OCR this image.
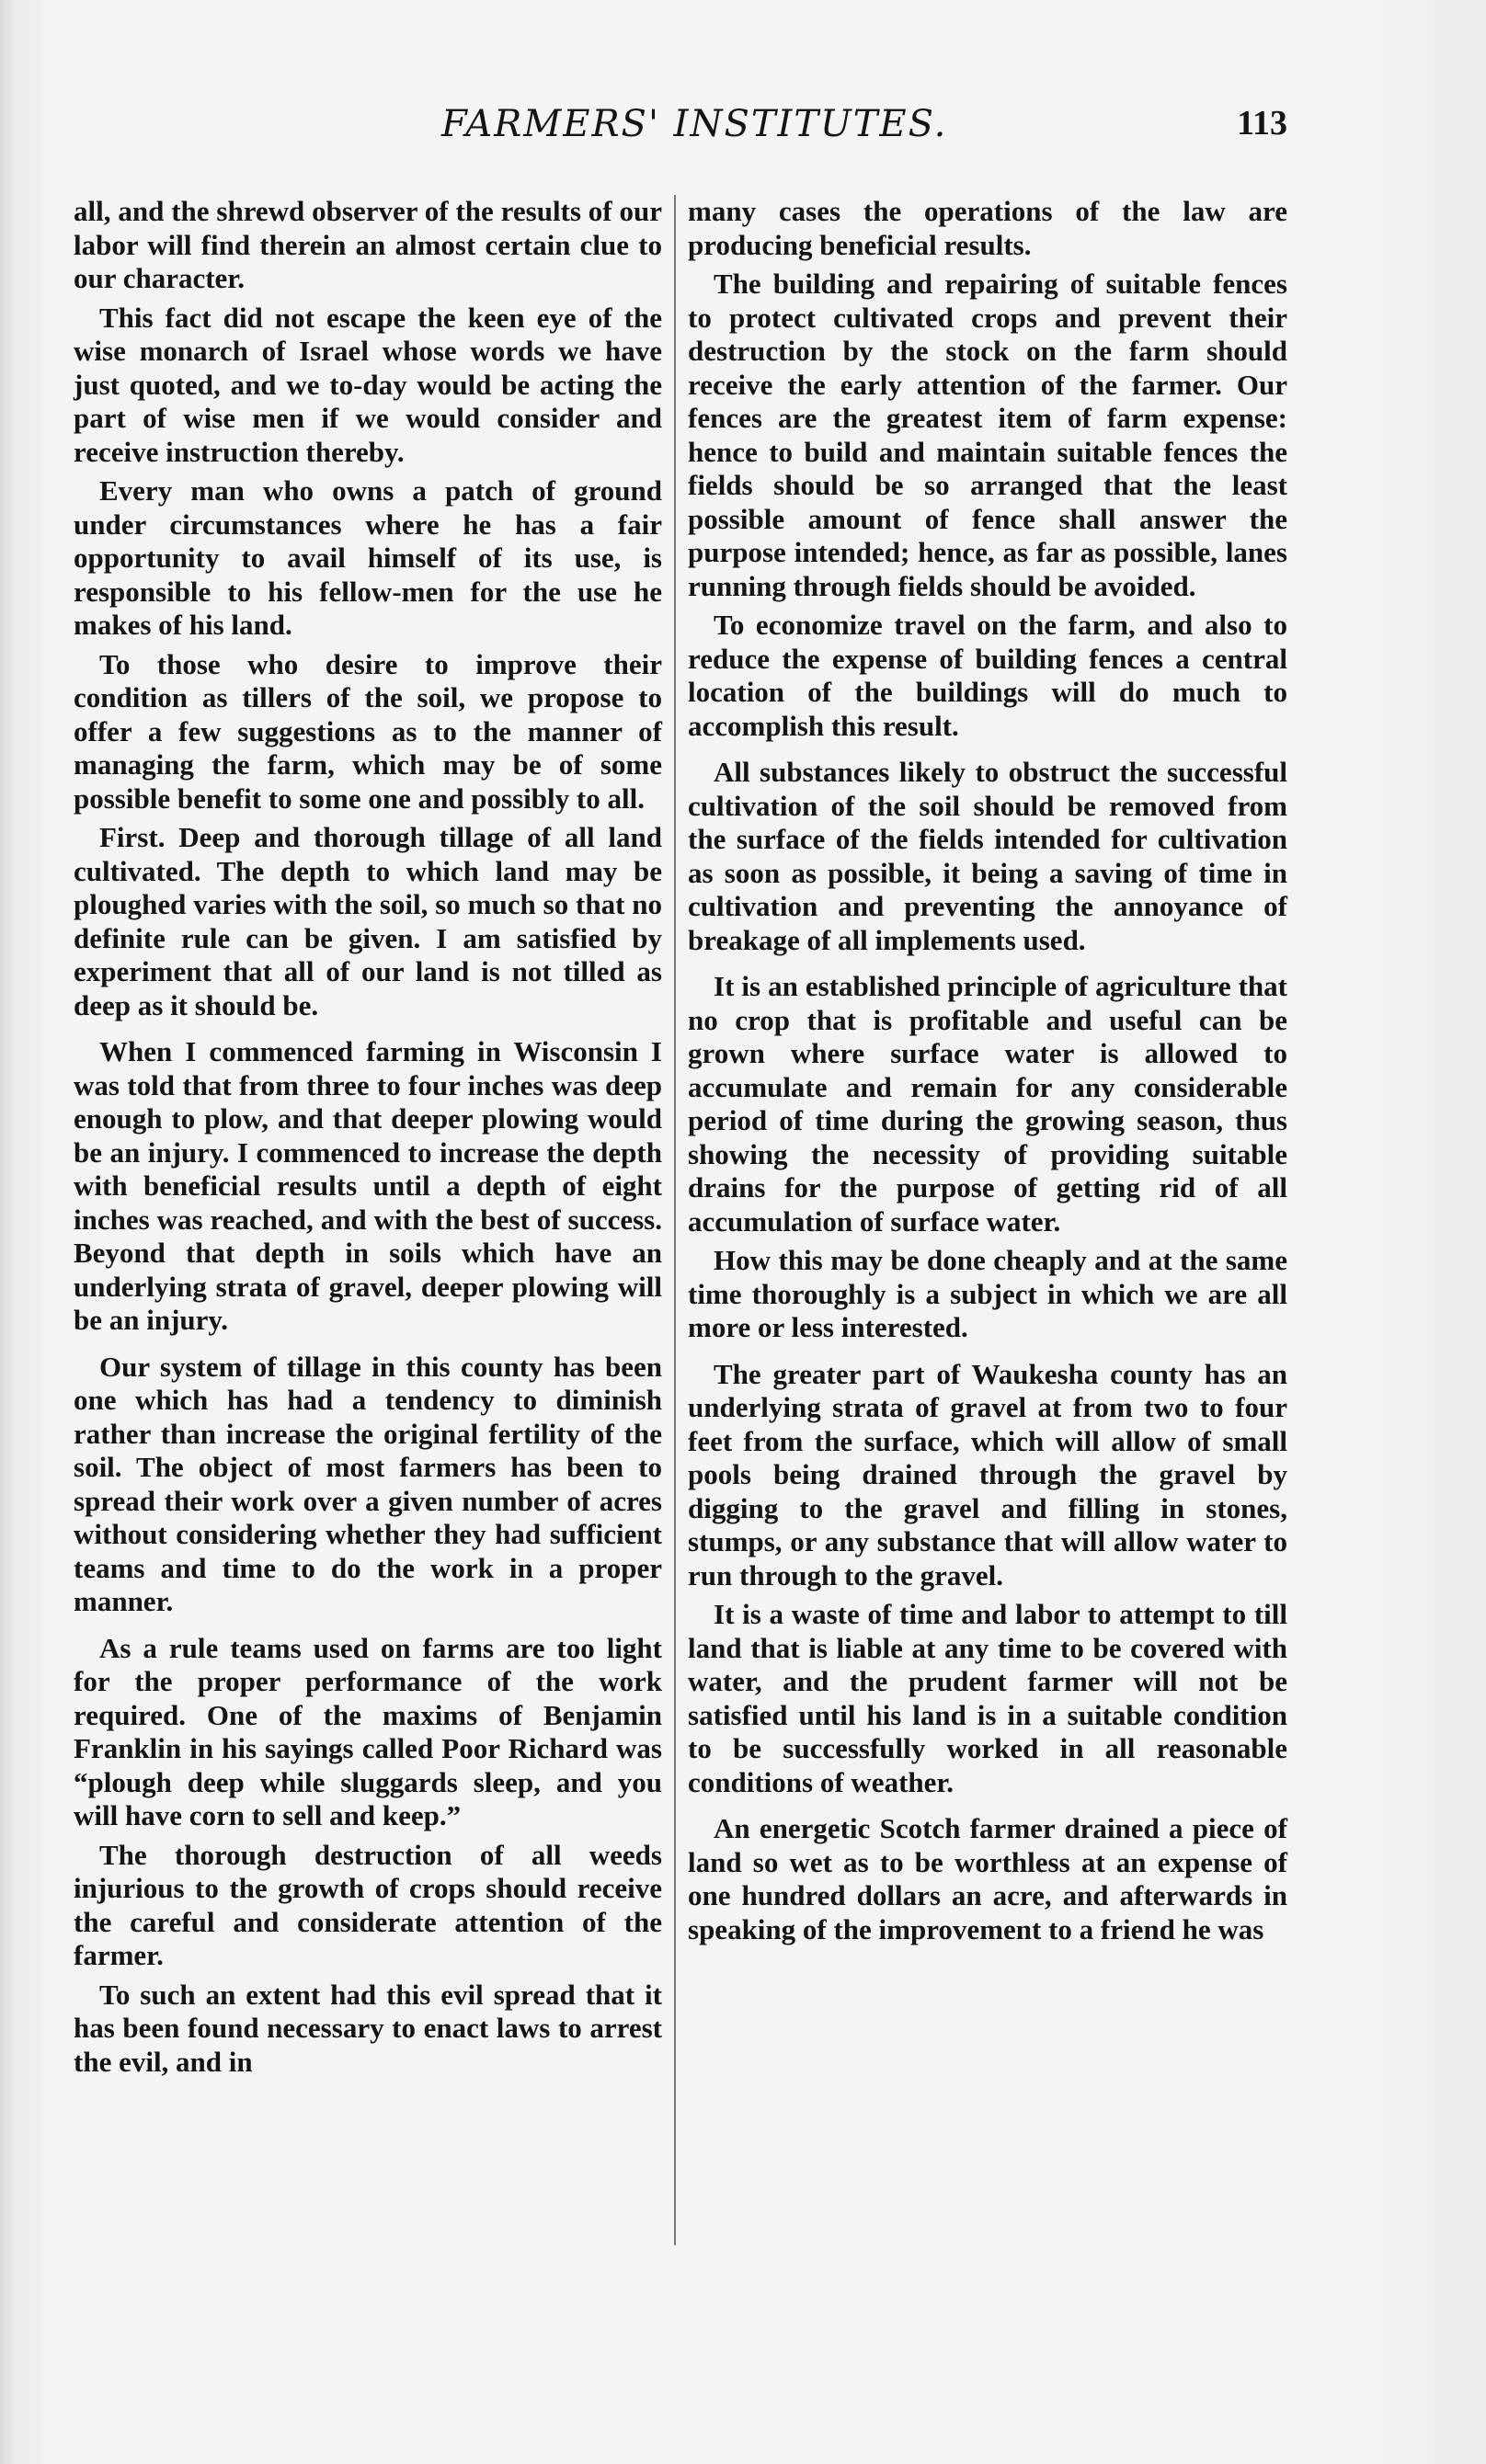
FARMERS' INSTITUTES.	113

all, and the shrewd observer of the results of our labor will find therein an almost certain clue to our character.

This fact did not escape the keen eye of the wise monarch of Israel whose words we have just quoted, and we to-day would be acting the part of wise men if we would consider and receive instruction thereby.

Every man who owns a patch of ground under circumstances where he has a fair opportunity to avail himself of its use, is responsible to his fellow-men for the use he makes of his land.

To those who desire to improve their condition as tillers of the soil, we propose to offer a few suggestions as to the manner of managing the farm, which may be of some possible benefit to some one and possibly to all.

First. Deep and thorough tillage of all land cultivated. The depth to which land may be ploughed varies with the soil, so much so that no definite rule can be given. I am satisfied by experiment that all of our land is not tilled as deep as it should be.

When I commenced farming in Wisconsin I was told that from three to four inches was deep enough to plow, and that deeper plowing would be an injury. I commenced to increase the depth with beneficial results until a depth of eight inches was reached, and with the best of success. Beyond that depth in soils which have an underlying strata of gravel, deeper plowing will be an injury.

Our system of tillage in this county has been one which has had a tendency to diminish rather than increase the original fertility of the soil. The object of most farmers has been to spread their work over a given number of acres without considering whether they had sufficient teams and time to do the work in a proper manner.

As a rule teams used on farms are too light for the proper performance of the work required. One of the maxims of Benjamin Franklin in his sayings called Poor Richard was “plough deep while sluggards sleep, and you will have corn to sell and keep.”

The thorough destruction of all weeds injurious to the growth of crops should receive the careful and considerate attention of the farmer.

To such an extent had this evil spread that it has been found necessary to enact laws to arrest the evil, and in

many cases the operations of the law are producing beneficial results.

The building and repairing of suitable fences to protect cultivated crops and prevent their destruction by the stock on the farm should receive the early attention of the farmer. Our fences are the greatest item of farm expense: hence to build and maintain suitable fences the fields should be so arranged that the least possible amount of fence shall answer the purpose intended; hence, as far as possible, lanes running through fields should be avoided.

To economize travel on the farm, and also to reduce the expense of building fences a central location of the buildings will do much to accomplish this result.

All substances likely to obstruct the successful cultivation of the soil should be removed from the surface of the fields intended for cultivation as soon as possible, it being a saving of time in cultivation and preventing the annoyance of breakage of all implements used.

It is an established principle of agriculture that no crop that is profitable and useful can be grown where surface water is allowed to accumulate and remain for any considerable period of time during the growing season, thus showing the necessity of providing suitable drains for the purpose of getting rid of all accumulation of surface water.

How this may be done cheaply and at the same time thoroughly is a subject in which we are all more or less interested.

The greater part of Waukesha county has an underlying strata of gravel at from two to four feet from the surface, which will allow of small pools being drained through the gravel by digging to the gravel and filling in stones, stumps, or any substance that will allow water to run through to the gravel.

It is a waste of time and labor to attempt to till land that is liable at any time to be covered with water, and the prudent farmer will not be satisfied until his land is in a suitable condition to be successfully worked in all reasonable conditions of weather.

An energetic Scotch farmer drained a piece of land so wet as to be worthless at an expense of one hundred dollars an acre, and afterwards in speaking of the improvement to a friend he was
